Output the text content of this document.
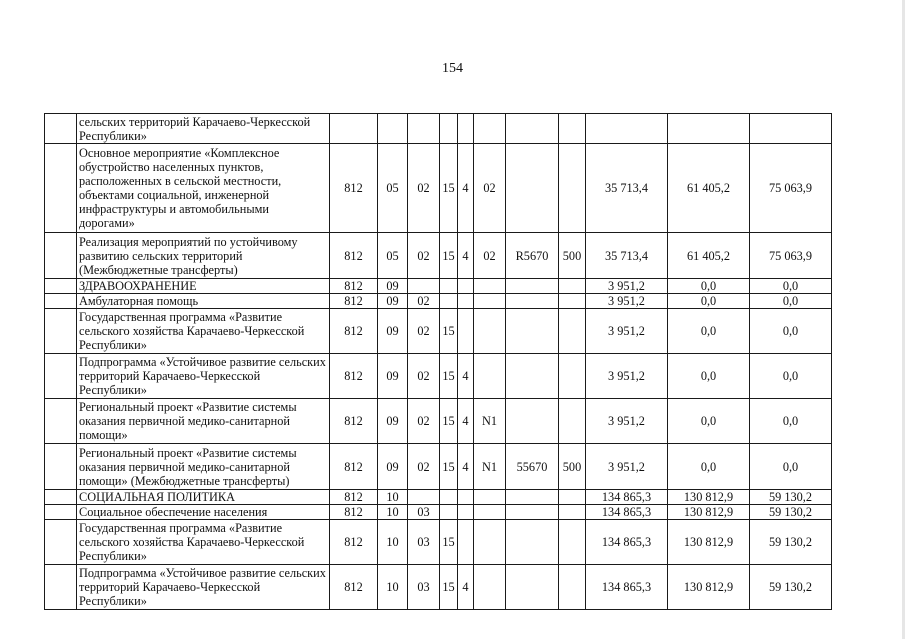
154
	сельских территорий Карачаево-Черкесской Республики»											
	Основное мероприятие «Комплексное обустройство населенных пунктов, расположенных в сельской местности, объектами социальной, инженерной инфраструктуры и автомобильными дорогами»	812	05	02	15	4	02			35 713,4	61 405,2	75 063,9
	Реализация мероприятий по устойчивому развитию сельских территорий (Межбюджетные трансферты)	812	05	02	15	4	02	R5670	500	35 713,4	61 405,2	75 063,9
	ЗДРАВООХРАНЕНИЕ	812	09							3 951,2	0,0	0,0
	Амбулаторная помощь	812	09	02						3 951,2	0,0	0,0
	Государственная программа «Развитие сельского хозяйства Карачаево-Черкесской Республики»	812	09	02	15					3 951,2	0,0	0,0
	Подпрограмма «Устойчивое развитие сельских территорий Карачаево-Черкесской Республики»	812	09	02	15	4				3 951,2	0,0	0,0
	Региональный проект «Развитие системы оказания первичной медико-санитарной помощи»	812	09	02	15	4	N1			3 951,2	0,0	0,0
	Региональный проект «Развитие системы оказания первичной медико-санитарной помощи» (Межбюджетные трансферты)	812	09	02	15	4	N1	55670	500	3 951,2	0,0	0,0
	СОЦИАЛЬНАЯ ПОЛИТИКА	812	10							134 865,3	130 812,9	59 130,2
	Социальное обеспечение населения	812	10	03						134 865,3	130 812,9	59 130,2
	Государственная программа «Развитие сельского хозяйства Карачаево-Черкесской Республики»	812	10	03	15					134 865,3	130 812,9	59 130,2
	Подпрограмма «Устойчивое развитие сельских территорий Карачаево-Черкесской Республики»	812	10	03	15	4				134 865,3	130 812,9	59 130,2
